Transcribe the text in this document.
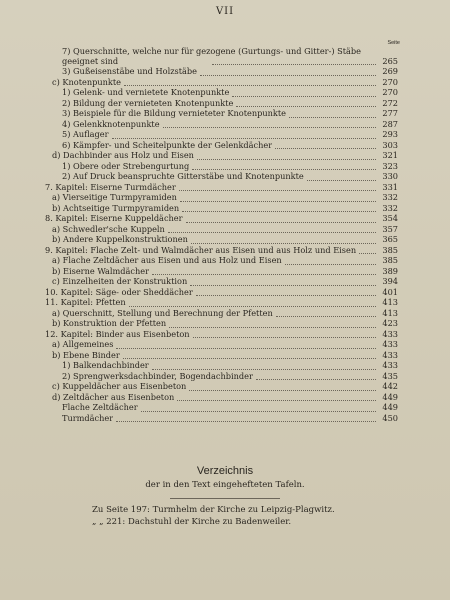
VII
Seite
7) Querschnitte, welche nur für gezogene (Gurtungs- und Gitter-) Stäbe geeignet sind	265
3) Gußeisenstäbe und Holzstäbe	269
c) Knotenpunkte	270
1) Gelenk- und vernietete Knotenpunkte	270
2) Bildung der vernieteten Knotenpunkte	272
3) Beispiele für die Bildung vernieteter Knotenpunkte	277
4) Gelenkknotenpunkte	287
5) Auflager	293
6) Kämpfer- und Scheitelpunkte der Gelenkdächer	303
d) Dachbinder aus Holz und Eisen	321
1) Obere oder Strebengurtung	323
2) Auf Druck beanspruchte Gitterstäbe und Knotenpunkte	330
7. Kapitel: Eiserne Turmdächer	331
a) Vierseitige Turmpyramiden	332
b) Achtseitige Turmpyramiden	332
8. Kapitel: Eiserne Kuppeldächer	354
a) Schwedler'sche Kuppeln	357
b) Andere Kuppelkonstruktionen	365
9. Kapitel: Flache Zelt- und Walmdächer aus Eisen und aus Holz und Eisen	385
a) Flache Zeltdächer aus Eisen und aus Holz und Eisen	385
b) Eiserne Walmdächer	389
c) Einzelheiten der Konstruktion	394
10. Kapitel: Säge- oder Sheddächer	401
11. Kapitel: Pfetten	413
a) Querschnitt, Stellung und Berechnung der Pfetten	413
b) Konstruktion der Pfetten	423
12. Kapitel: Binder aus Eisenbeton	433
a) Allgemeines	433
b) Ebene Binder	433
1) Balkendachbinder	433
2) Sprengwerksdachbinder, Bogendachbinder	435
c) Kuppeldächer aus Eisenbeton	442
d) Zeltdächer aus Eisenbeton	449
Flache Zeltdächer	449
Turmdächer	450
Verzeichnis
der in den Text eingehefteten Tafeln.
Zu Seite 197: Turmhelm der Kirche zu Leipzig-Plagwitz.
„ „ 221: Dachstuhl der Kirche zu Badenweiler.
